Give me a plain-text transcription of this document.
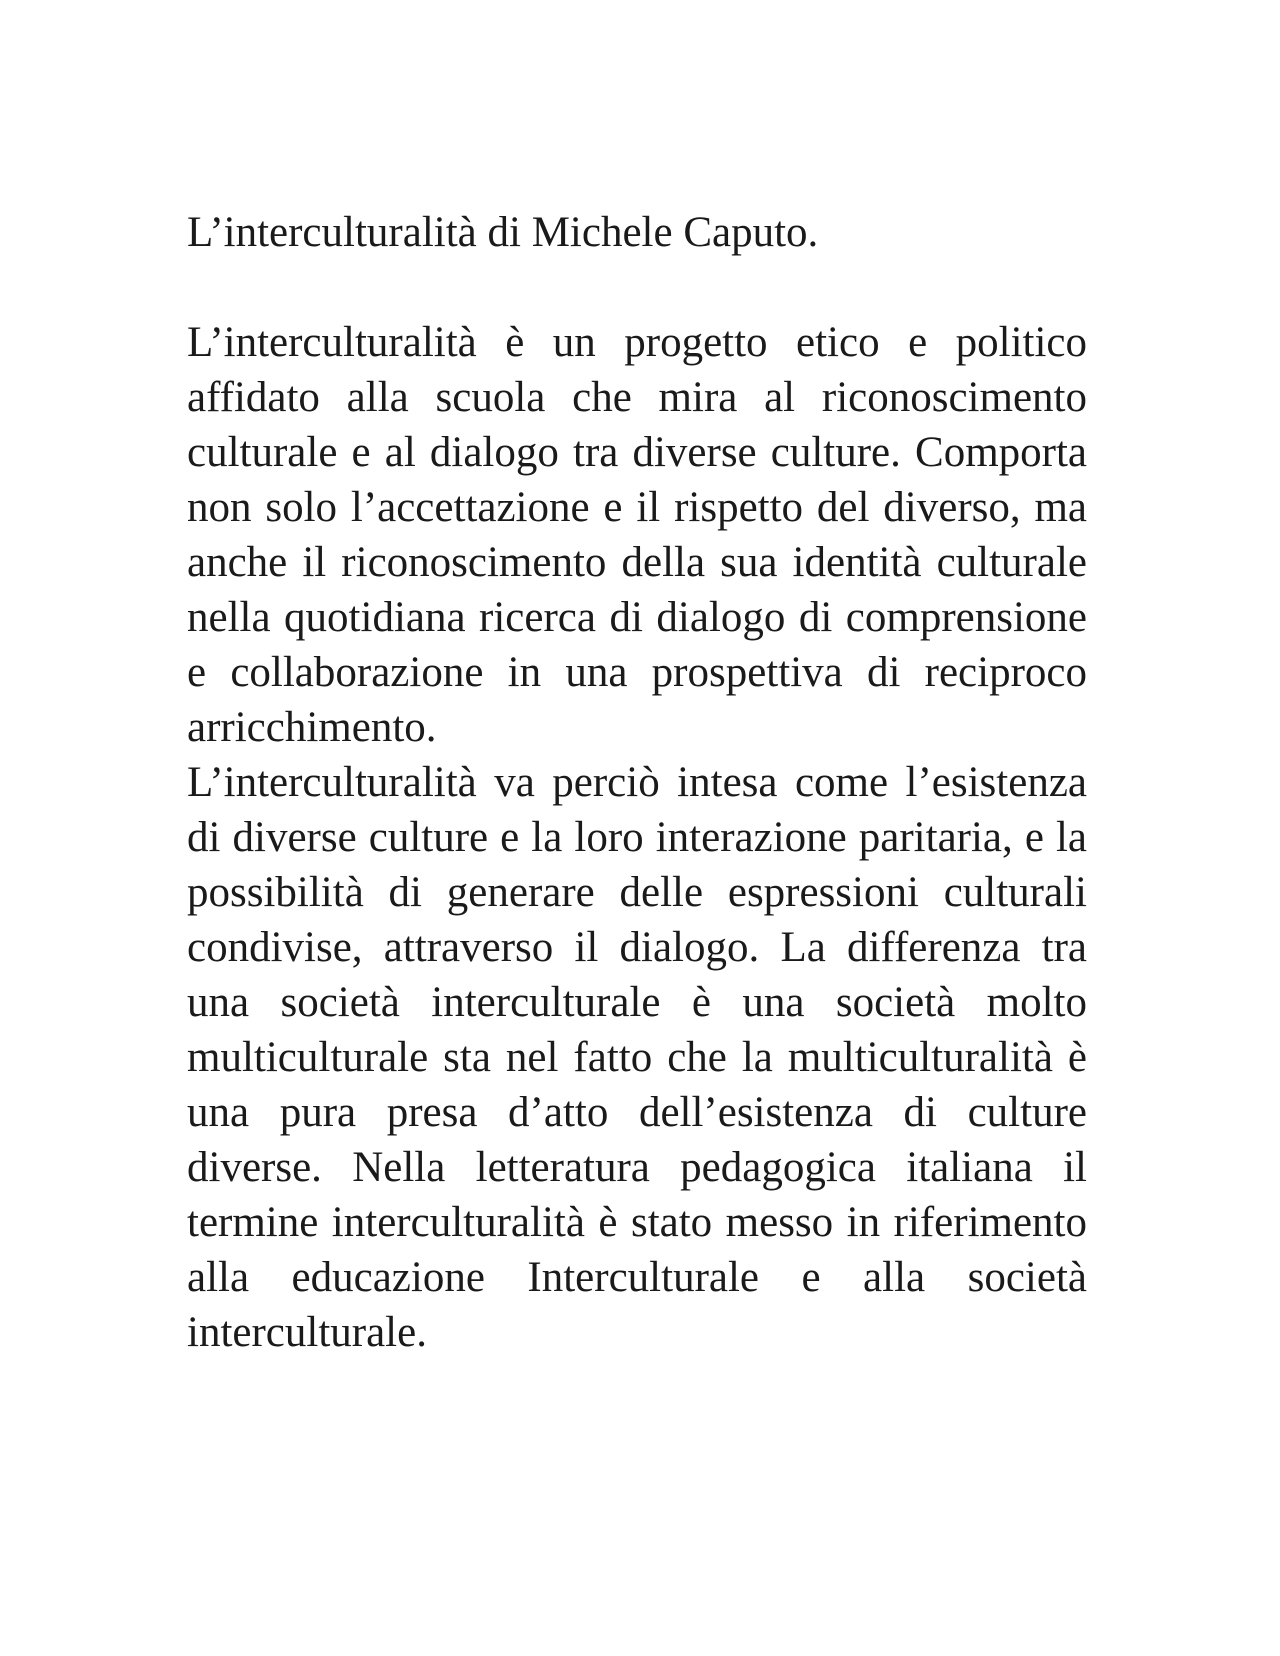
L’interculturalità di Michele Caputo.

L’interculturalità è un progetto etico e politico affidato alla scuola che mira al riconoscimento culturale e al dialogo tra diverse culture. Comporta non solo l’accettazione e il rispetto del diverso, ma anche il riconoscimento della sua identità culturale nella quotidiana ricerca di dialogo di comprensione e collaborazione in una prospettiva di reciproco arricchimento.

L’interculturalità va perciò intesa come l’esistenza di diverse culture e la loro interazione paritaria, e la possibilità di generare delle espressioni culturali condivise, attraverso il dialogo. La differenza tra una società interculturale è una società molto multiculturale sta nel fatto che la multiculturalità è una pura presa d’atto dell’esistenza di culture diverse. Nella letteratura pedagogica italiana il termine interculturalità è stato messo in riferimento alla educazione Interculturale e alla società interculturale.
